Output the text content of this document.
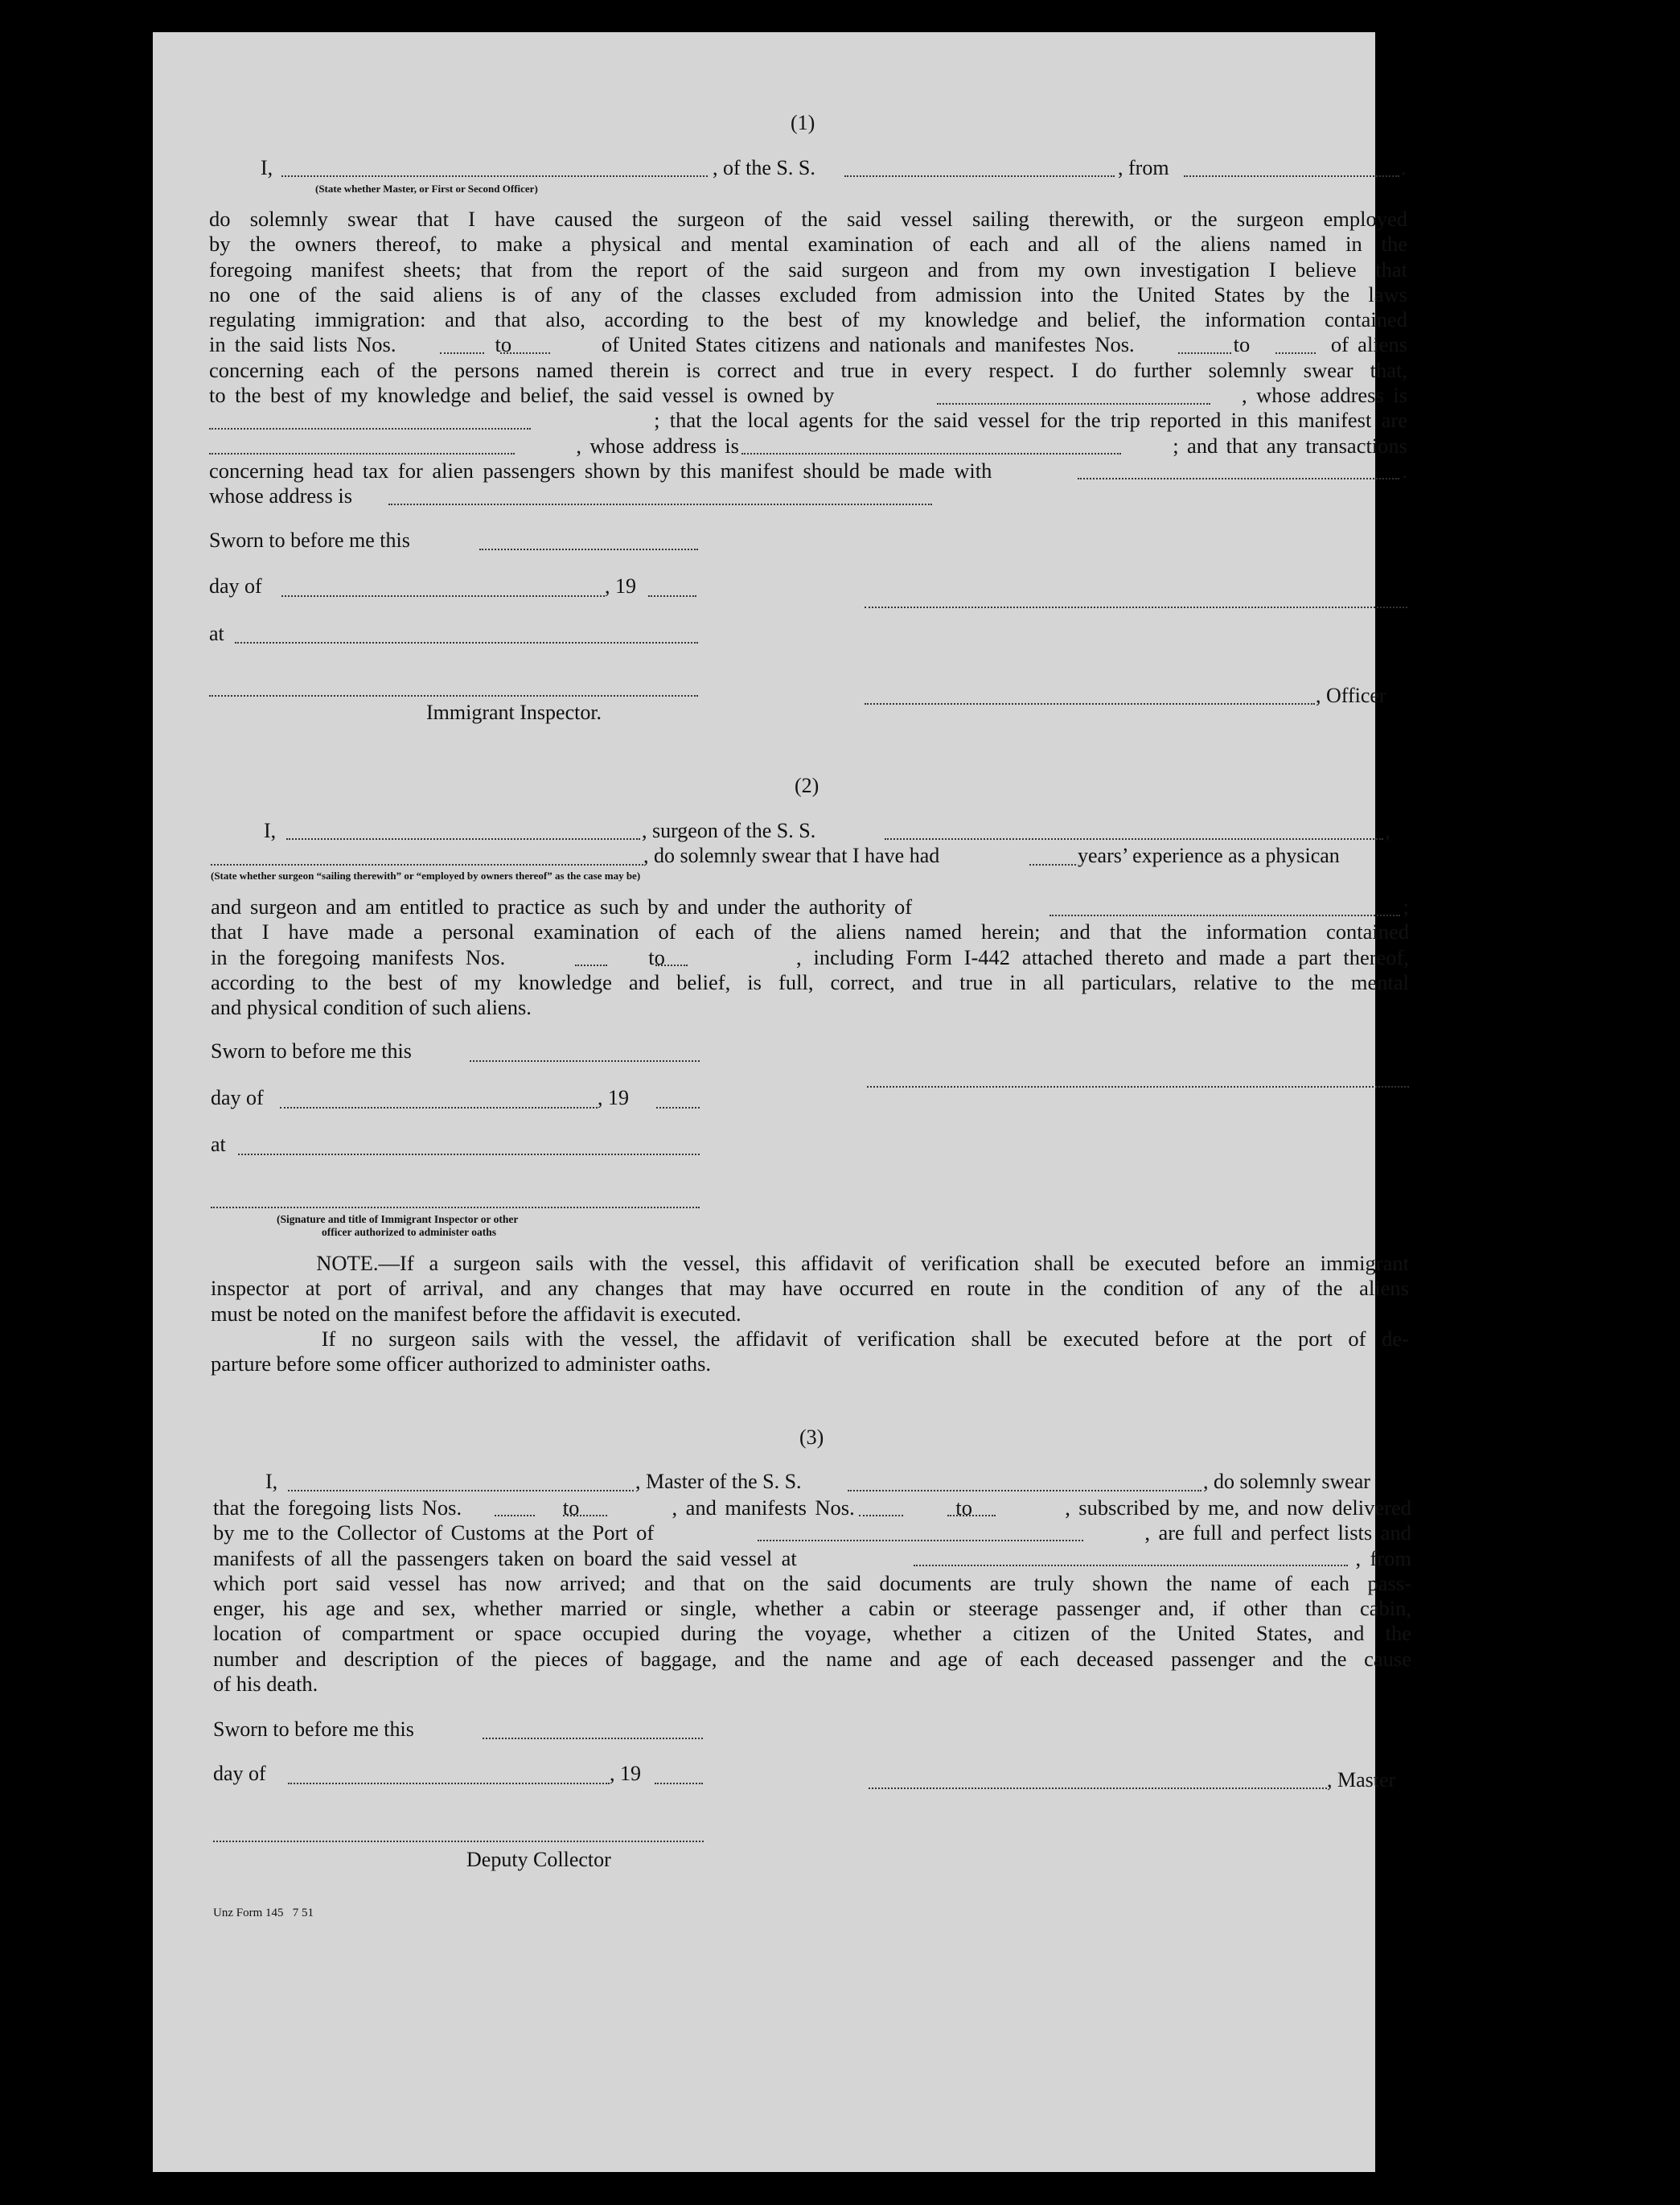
(1)
I,	, of the S. S.	, from	.
(State whether Master, or First or Second Officer)
do solemnly swear that I have caused the surgeon of the said vessel sailing therewith, or the surgeon employed
by the owners thereof, to make a physical and mental examination of each and all of the aliens named in the
foregoing manifest sheets; that from the report of the said surgeon and from my own investigation I believe that
no one of the said aliens is of any of the classes excluded from admission into the United States by the laws
regulating immigration: and that also, according to the best of my knowledge and belief, the information contained
in the said lists Nos.           to          of United States citizens and nationals and manifestes Nos.           to         of aliens
concerning each of the persons named therein is correct and true in every respect. I do further solemnly swear that,
to the best of my knowledge and belief, the said vessel is owned by                                            , whose address is
; that the local agents for the said vessel for the trip reported in this manifest are
, whose address is                                                    ; and that any transactions
concerning head tax for alien passengers shown by this manifest should be made with                                            .
whose address is
Sworn to before me this
day of	, 19
at
, Officer
Immigrant Inspector.
(2)
I,	, surgeon of the S. S.	,
, do solemnly swear that I have had	years’ experience as a physican
(State whether surgeon “sailing therewith” or “employed by owners thereof” as the case may be)
and surgeon and am entitled to practice as such by and under the authority of                                                         ;
that I have made a personal examination of each of the aliens named herein; and that the information contained
in the foregoing manifests Nos.            to           , including Form I-442 attached thereto and made a part thereof,
according to the best of my knowledge and belief, is full, correct, and true in all particulars, relative to the mental
and physical condition of such aliens.
Sworn to before me this
day of	, 19
at
(Signature and title of Immigrant Inspector or other
officer authorized to administer oaths
NOTE.—If a surgeon sails with the vessel, this affidavit of verification shall be executed before an immigrant
inspector at port of arrival, and any changes that may have occurred en route in the condition of any of the aliens
must be noted on the manifest before the affidavit is executed.
If no surgeon sails with the vessel, the affidavit of verification shall be executed before at the port of de-
parture before some officer authorized to administer oaths.
(3)
I,	, Master of the S. S.	, do solemnly swear
that the foregoing lists Nos.            to           , and manifests Nos.            to           , subscribed by me, and now delivered
by me to the Collector of Customs at the Port of                                                          , are full and perfect lists and
manifests of all the passengers taken on board the said vessel at                                                             , from
which port said vessel has now arrived; and that on the said documents are truly shown the name of each pass-
enger, his age and sex, whether married or single, whether a cabin or steerage passenger and, if other than cabin,
location of compartment or space occupied during the voyage, whether a citizen of the United States, and the
number and description of the pieces of baggage, and the name and age of each deceased passenger and the cause
of his death.
Sworn to before me this
day of	, 19	, Master
Deputy Collector
Unz Form 145   7 51
